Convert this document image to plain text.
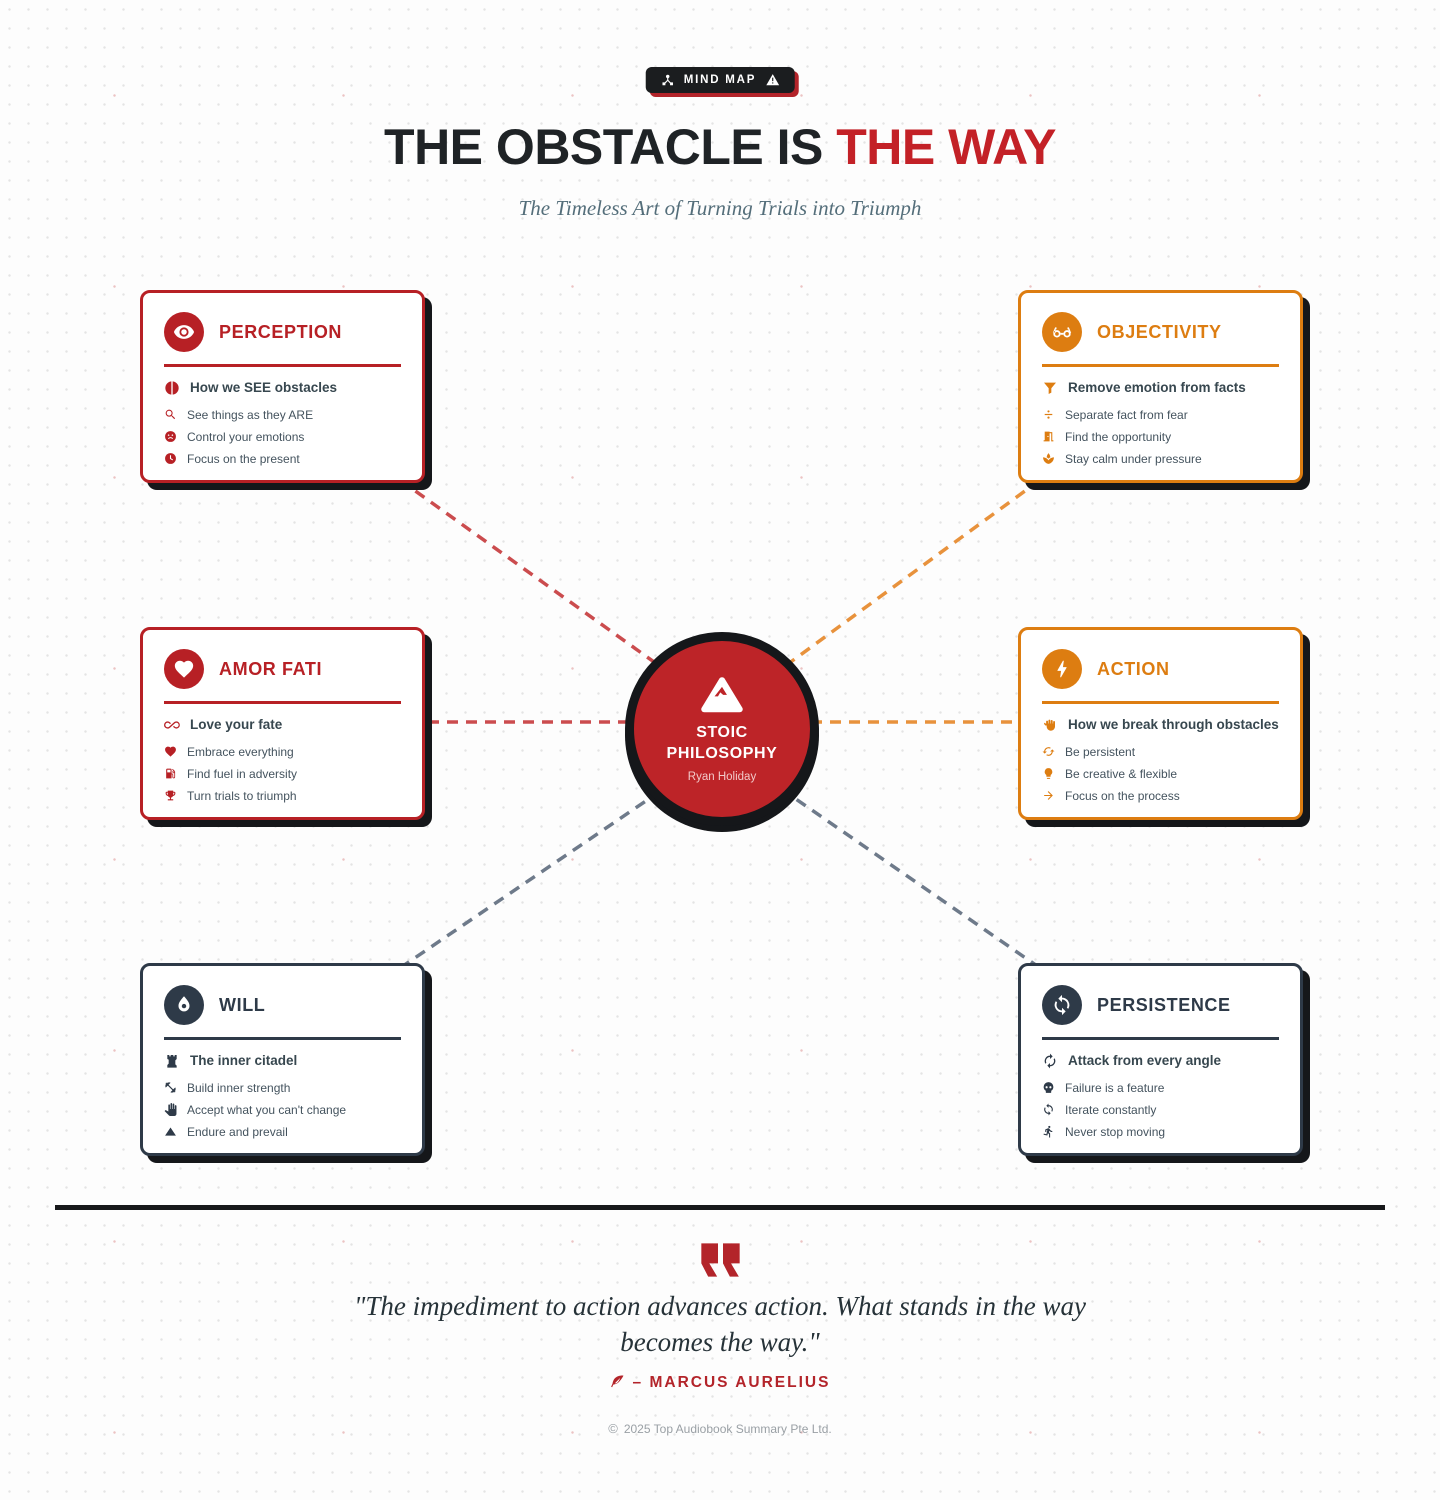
MIND MAP
THE OBSTACLE IS THE WAY

The Timeless Art of Turning Trials into Triumph

PERCEPTION
How we SEE obstacles
See things as they ARE
Control your emotions
Focus on the present
OBJECTIVITY
Remove emotion from facts
Separate fact from fear
Find the opportunity
Stay calm under pressure
AMOR FATI
Love your fate
Embrace everything
Find fuel in adversity
Turn trials to triumph
ACTION
How we break through obstacles
Be persistent
Be creative & flexible
Focus on the process
WILL
The inner citadel
Build inner strength
Accept what you can't change
Endure and prevail
PERSISTENCE
Attack from every angle
Failure is a feature
Iterate constantly
Never stop moving
STOIC
PHILOSOPHY
Ryan Holiday

"The impediment to action advances action. What stands in the way becomes the way."

– MARCUS AURELIUS
© 2025 Top Audiobook Summary Pte Ltd.
